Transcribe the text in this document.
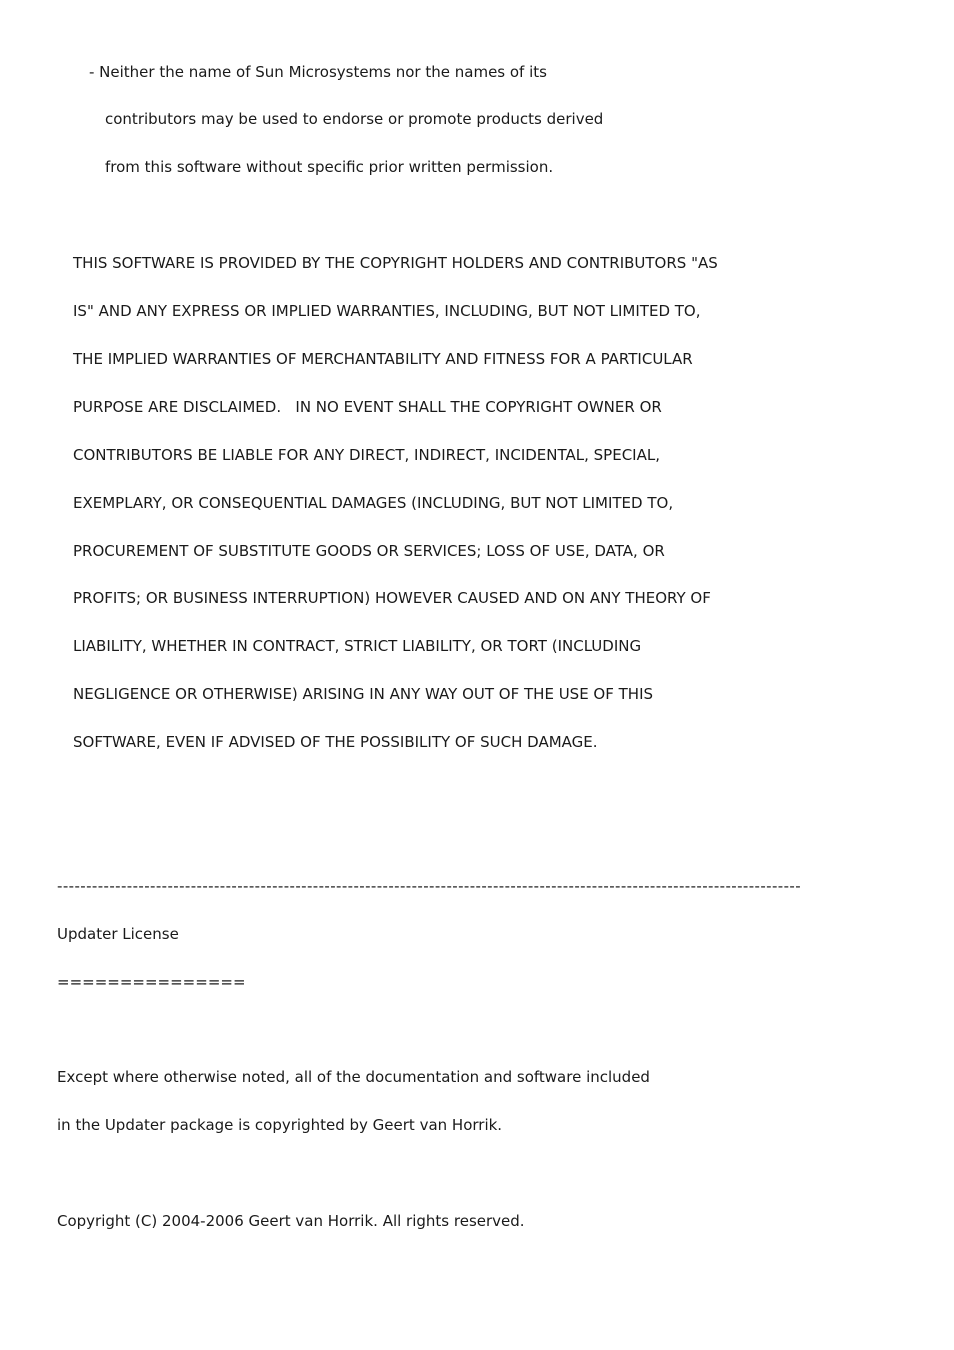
- Neither the name of Sun Microsystems nor the names of its
contributors may be used to endorse or promote products derived
from this software without specific prior written permission.
THIS SOFTWARE IS PROVIDED BY THE COPYRIGHT HOLDERS AND CONTRIBUTORS "AS
IS" AND ANY EXPRESS OR IMPLIED WARRANTIES, INCLUDING, BUT NOT LIMITED TO,
THE IMPLIED WARRANTIES OF MERCHANTABILITY AND FITNESS FOR A PARTICULAR
PURPOSE ARE DISCLAIMED.   IN NO EVENT SHALL THE COPYRIGHT OWNER OR
CONTRIBUTORS BE LIABLE FOR ANY DIRECT, INDIRECT, INCIDENTAL, SPECIAL,
EXEMPLARY, OR CONSEQUENTIAL DAMAGES (INCLUDING, BUT NOT LIMITED TO,
PROCUREMENT OF SUBSTITUTE GOODS OR SERVICES; LOSS OF USE, DATA, OR
PROFITS; OR BUSINESS INTERRUPTION) HOWEVER CAUSED AND ON ANY THEORY OF
LIABILITY, WHETHER IN CONTRACT, STRICT LIABILITY, OR TORT (INCLUDING
NEGLIGENCE OR OTHERWISE) ARISING IN ANY WAY OUT OF THE USE OF THIS
SOFTWARE, EVEN IF ADVISED OF THE POSSIBILITY OF SUCH DAMAGE.
--------------------------------------------------------------------------------------------------------------------------------
Updater License
===============
Except where otherwise noted, all of the documentation and software included
in the Updater package is copyrighted by Geert van Horrik.
Copyright (C) 2004-2006 Geert van Horrik. All rights reserved.
